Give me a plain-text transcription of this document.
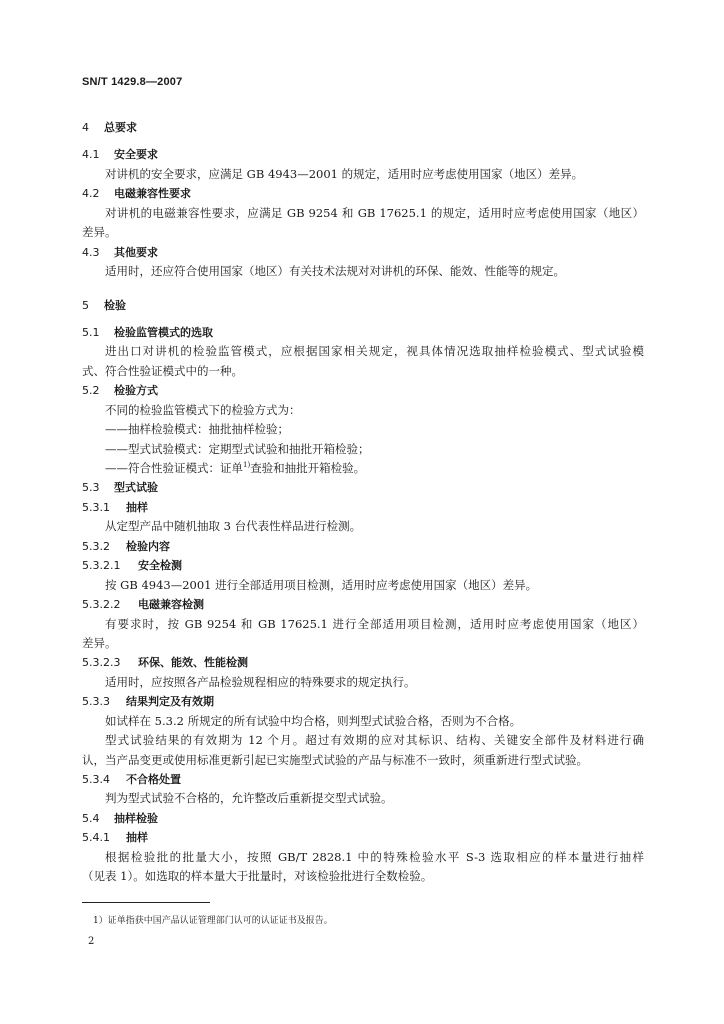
SN/T 1429.8—2007
4 总要求
4.1 安全要求
对讲机的安全要求，应满足 GB 4943—2001 的规定，适用时应考虑使用国家（地区）差异。
4.2 电磁兼容性要求
对讲机的电磁兼容性要求，应满足 GB 9254 和 GB 17625.1 的规定，适用时应考虑使用国家（地区）
差异。
4.3 其他要求
适用时，还应符合使用国家（地区）有关技术法规对对讲机的环保、能效、性能等的规定。
5 检验
5.1 检验监管模式的选取
进出口对讲机的检验监管模式，应根据国家相关规定，视具体情况选取抽样检验模式、型式试验模
式、符合性验证模式中的一种。
5.2 检验方式
不同的检验监管模式下的检验方式为：
——抽样检验模式：抽批抽样检验；
——型式试验模式：定期型式试验和抽批开箱检验；
——符合性验证模式：证单$^{1)}$查验和抽批开箱检验。
5.3 型式试验
5.3.1 抽样
从定型产品中随机抽取 3 台代表性样品进行检测。
5.3.2 检验内容
5.3.2.1 安全检测
按 GB 4943—2001 进行全部适用项目检测，适用时应考虑使用国家（地区）差异。
5.3.2.2 电磁兼容检测
有要求时，按 GB 9254 和 GB 17625.1 进行全部适用项目检测，适用时应考虑使用国家（地区）
差异。
5.3.2.3 环保、能效、性能检测
适用时，应按照各产品检验规程相应的特殊要求的规定执行。
5.3.3 结果判定及有效期
如试样在 5.3.2 所规定的所有试验中均合格，则判型式试验合格，否则为不合格。
型式试验结果的有效期为 12 个月。超过有效期的应对其标识、结构、关键安全部件及材料进行确
认，当产品变更或使用标准更新引起已实施型式试验的产品与标准不一致时，须重新进行型式试验。
5.3.4 不合格处置
判为型式试验不合格的，允许整改后重新提交型式试验。
5.4 抽样检验
5.4.1 抽样
根据检验批的批量大小，按照 GB/T 2828.1 中的特殊检验水平 S-3 选取相应的样本量进行抽样
（见表 1）。如选取的样本量大于批量时，对该检验批进行全数检验。
1）证单指获中国产品认证管理部门认可的认证证书及报告。
2
